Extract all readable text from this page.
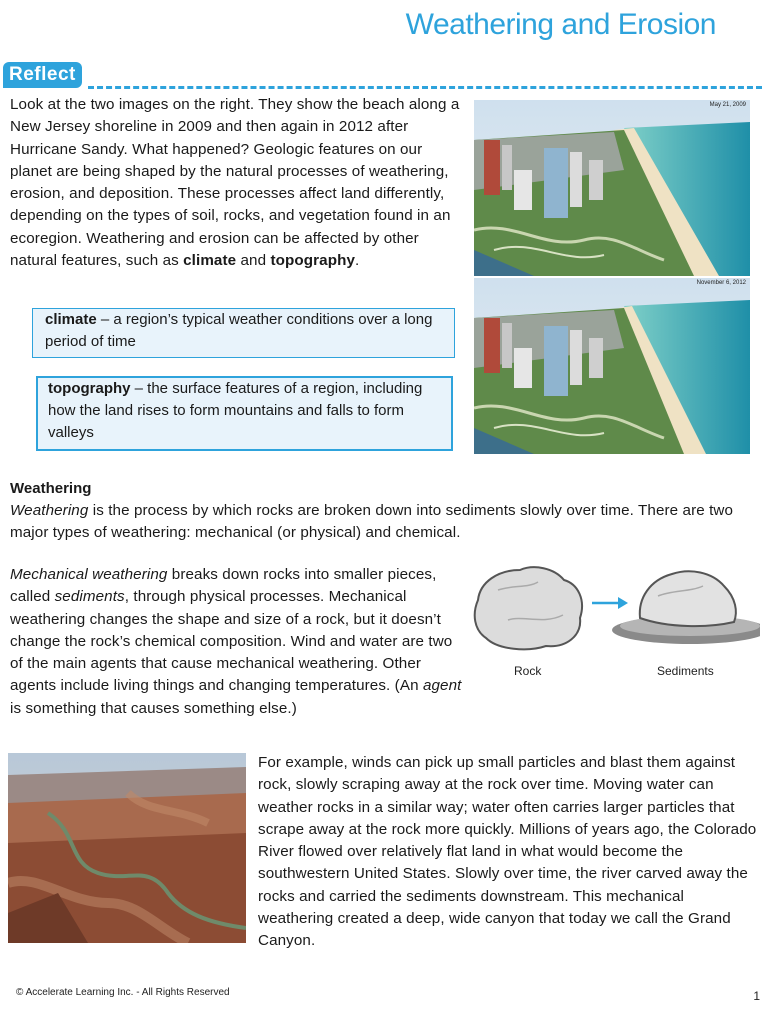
Weathering and Erosion
Reflect
Look at the two images on the right. They show the beach along a New Jersey shoreline in 2009 and then again in 2012 after Hurricane Sandy. What happened? Geologic features on our planet are being shaped by the natural processes of weathering, erosion, and deposition. These processes affect land differently, depending on the types of soil, rocks, and vegetation found in an ecoregion. Weathering and erosion can be affected by other natural features, such as climate and topography.
climate – a region’s typical weather conditions over a long period of time
topography – the surface features of a region, including how the land rises to form mountains and falls to form valleys
May 21, 2009
November 6, 2012
Weathering
Weathering is the process by which rocks are broken down into sediments slowly over time. There are two major types of weathering: mechanical (or physical) and chemical.
Mechanical weathering breaks down rocks into smaller pieces, called sediments, through physical processes. Mechanical weathering changes the shape and size of a rock, but it doesn’t change the rock’s chemical composition. Wind and water are two of the main agents that cause mechanical weathering. Other agents include living things and changing temperatures. (An agent is something that causes something else.)
Rock	Sediments
For example, winds can pick up small particles and blast them against rock, slowly scraping away at the rock over time. Moving water can weather rocks in a similar way; water often carries larger particles that scrape away at the rock more quickly. Millions of years ago, the Colorado River flowed over relatively flat land in what would become the southwestern United States. Slowly over time, the river carved away the rocks and carried the sediments downstream. This mechanical weathering created a deep, wide canyon that today we call the Grand Canyon.
© Accelerate Learning Inc. - All Rights Reserved	1
